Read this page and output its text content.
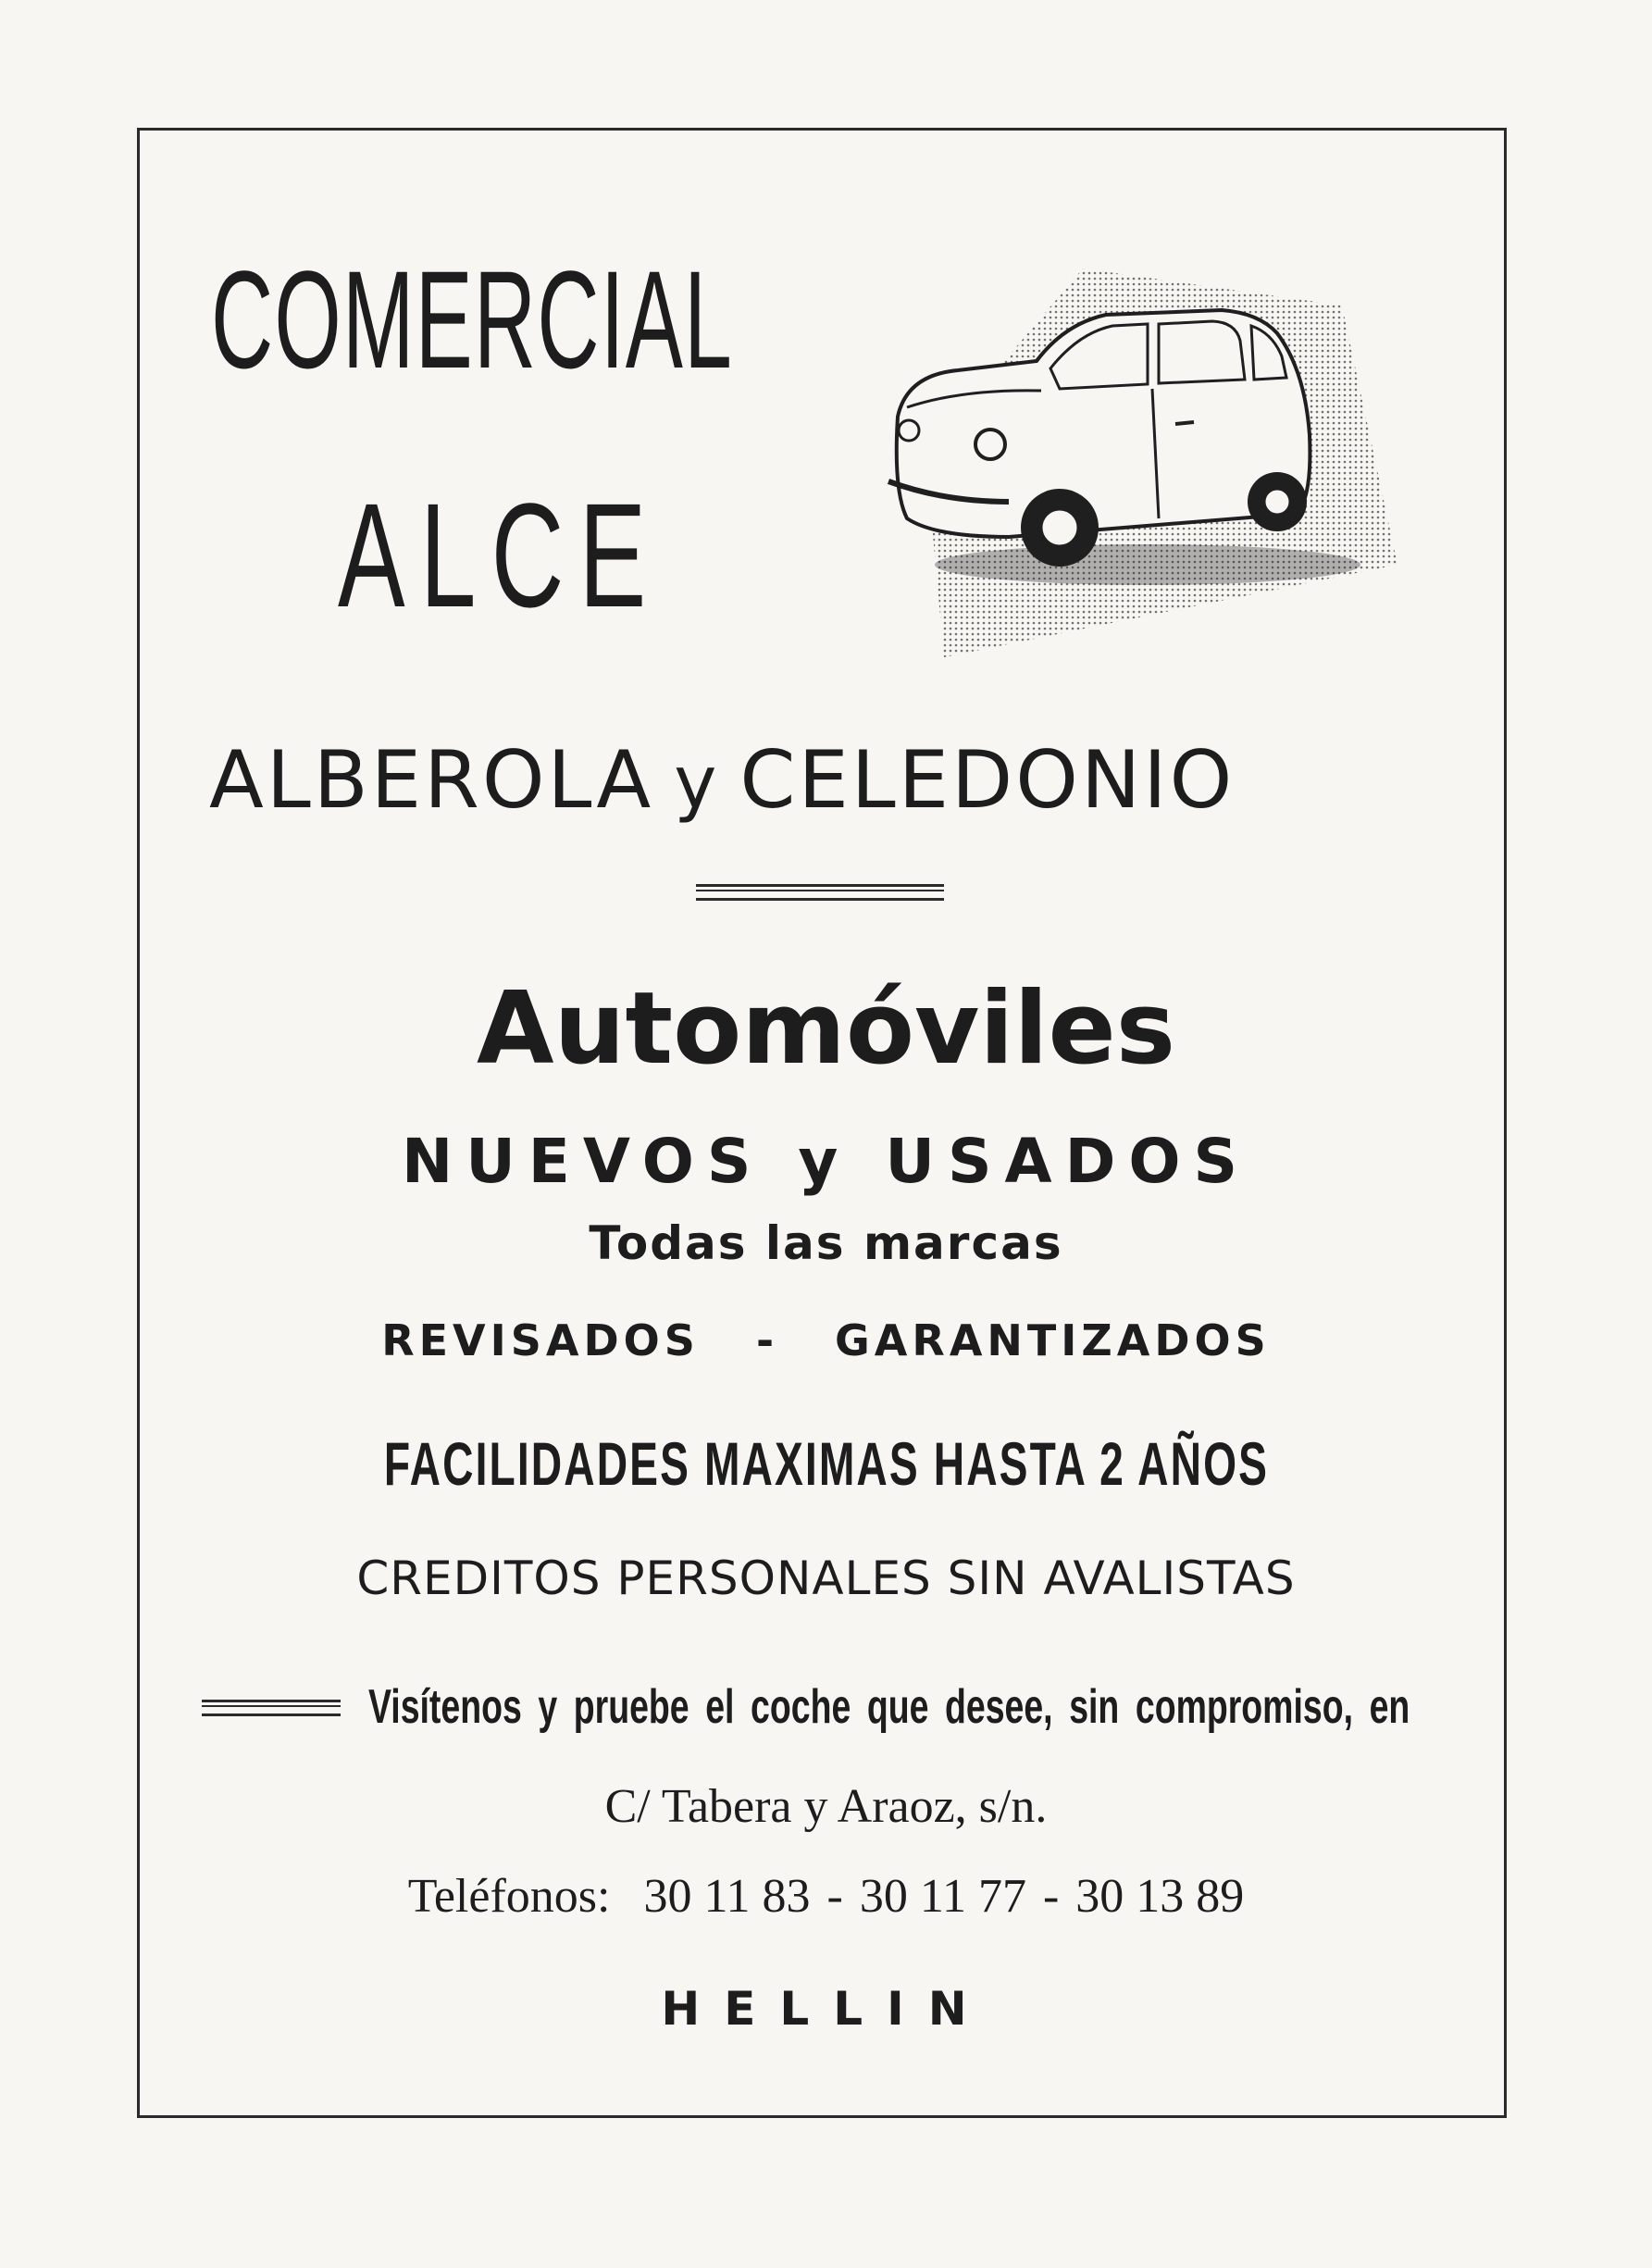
COMERCIAL
ALCE
ALBEROLA y CELEDONIO
Automóviles
NUEVOS y USADOS
Todas las marcas
REVISADOS - GARANTIZADOS
FACILIDADES MAXIMAS HASTA 2 AÑOS
CREDITOS PERSONALES SIN AVALISTAS
Visítenos y pruebe el coche que desee, sin compromiso, en
C/ Tabera y Araoz, s/n.
Teléfonos: 30 11 83 - 30 11 77 - 30 13 89
HELLIN
